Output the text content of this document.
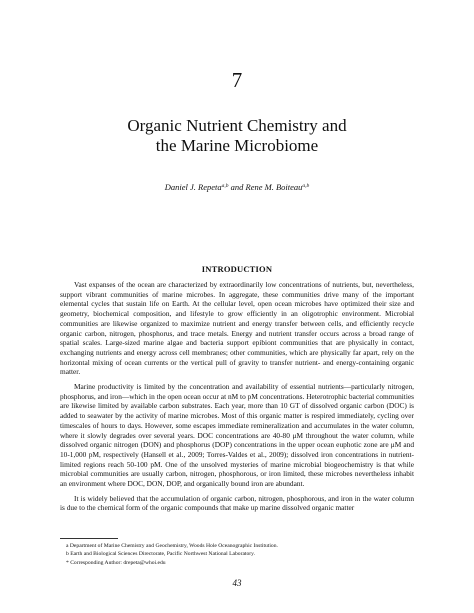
7
Organic Nutrient Chemistry and
the Marine Microbiome
Daniel J. Repeta$^{a,b}$ and Rene M. Boiteau$^{a,b}$
INTRODUCTION

Vast expanses of the ocean are characterized by extraordinarily low concentrations of nutrients, but, nevertheless, support vibrant communities of marine microbes. In aggregate, these communities drive many of the important elemental cycles that sustain life on Earth. At the cellular level, open ocean microbes have optimized their size and geometry, biochemical composition, and lifestyle to grow efficiently in an oligotrophic environment. Microbial communities are likewise organized to maximize nutrient and energy transfer between cells, and efficiently recycle organic carbon, nitrogen, phosphorus, and trace metals. Energy and nutrient transfer occurs across a broad range of spatial scales. Large-sized marine algae and bacteria support epibiont communities that are physically in contact, exchanging nutrients and energy across cell membranes; other communities, which are physically far apart, rely on the horizontal mixing of ocean currents or the vertical pull of gravity to transfer nutrient- and energy-containing organic matter.

Marine productivity is limited by the concentration and availability of essential nutrients—particularly nitrogen, phosphorus, and iron—which in the open ocean occur at nM to pM concentrations. Heterotrophic bacterial communities are likewise limited by available carbon substrates. Each year, more than 10 GT of dissolved organic carbon (DOC) is added to seawater by the activity of marine microbes. Most of this organic matter is respired immediately, cycling over timescales of hours to days. However, some escapes immediate remineralization and accumulates in the water column, where it slowly degrades over several years. DOC concentrations are 40-80 μM throughout the water column, while dissolved organic nitrogen (DON) and phosphorus (DOP) concentrations in the upper ocean euphotic zone are μM and 10-1,000 pM, respectively (Hansell et al., 2009; Torres-Valdes et al., 2009); dissolved iron concentrations in nutrient-limited regions reach 50-100 pM. One of the unsolved mysteries of marine microbial biogeochemistry is that while microbial communities are usually carbon, nitrogen, phosphorous, or iron limited, these microbes nevertheless inhabit an environment where DOC, DON, DOP, and organically bound iron are abundant.

It is widely believed that the accumulation of organic carbon, nitrogen, phosphorous, and iron in the water column is due to the chemical form of the organic compounds that make up marine dissolved organic matter

a Department of Marine Chemistry and Geochemistry, Woods Hole Oceanographic Institution.
b Earth and Biological Sciences Directorate, Pacific Northwest National Laboratory.
* Corresponding Author: drepeta@whoi.edu
43
